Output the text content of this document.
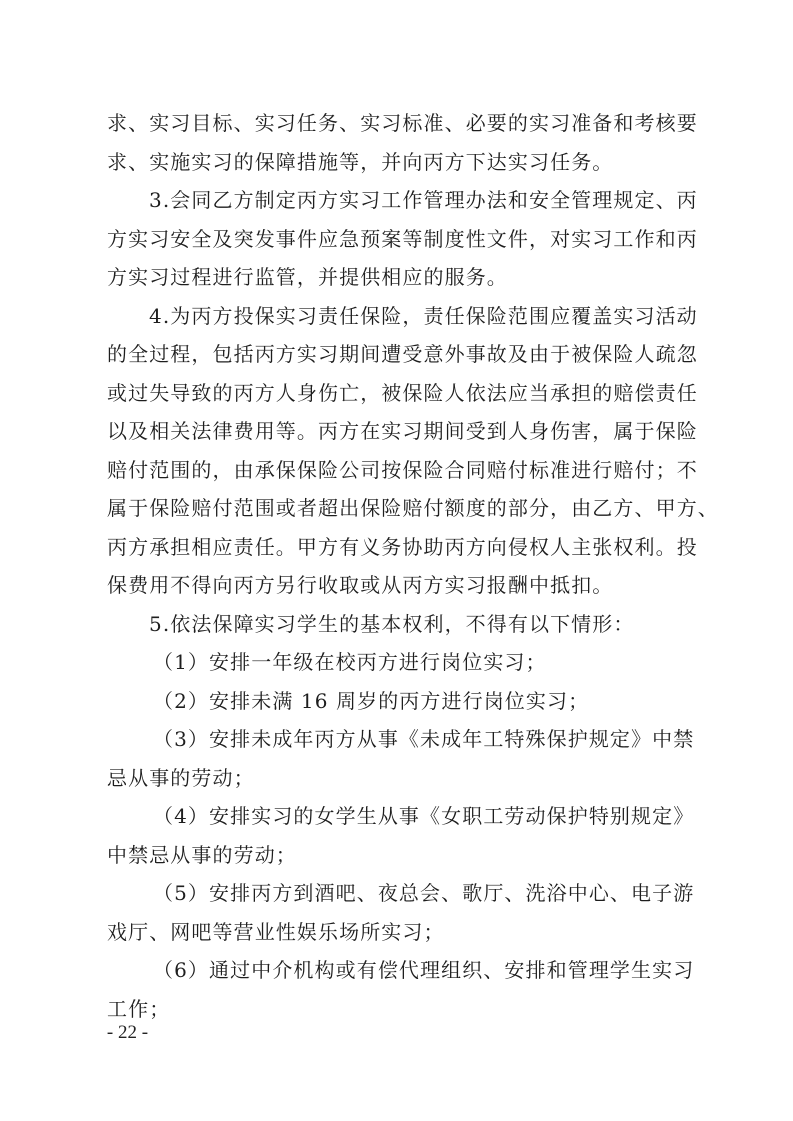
求、实习目标、实习任务、实习标准、必要的实习准备和考核要
求、实施实习的保障措施等，并向丙方下达实习任务。
3.会同乙方制定丙方实习工作管理办法和安全管理规定、丙
方实习安全及突发事件应急预案等制度性文件，对实习工作和丙
方实习过程进行监管，并提供相应的服务。
4.为丙方投保实习责任保险，责任保险范围应覆盖实习活动
的全过程，包括丙方实习期间遭受意外事故及由于被保险人疏忽
或过失导致的丙方人身伤亡，被保险人依法应当承担的赔偿责任
以及相关法律费用等。丙方在实习期间受到人身伤害，属于保险
赔付范围的，由承保保险公司按保险合同赔付标准进行赔付；不
属于保险赔付范围或者超出保险赔付额度的部分，由乙方、甲方、
丙方承担相应责任。甲方有义务协助丙方向侵权人主张权利。投
保费用不得向丙方另行收取或从丙方实习报酬中抵扣。
5.依法保障实习学生的基本权利，不得有以下情形：
（1）安排一年级在校丙方进行岗位实习；
（2）安排未满 16 周岁的丙方进行岗位实习；
（3）安排未成年丙方从事《未成年工特殊保护规定》中禁
忌从事的劳动；
（4）安排实习的女学生从事《女职工劳动保护特别规定》
中禁忌从事的劳动；
（5）安排丙方到酒吧、夜总会、歌厅、洗浴中心、电子游
戏厅、网吧等营业性娱乐场所实习；
（6）通过中介机构或有偿代理组织、安排和管理学生实习
工作；
- 22 -
